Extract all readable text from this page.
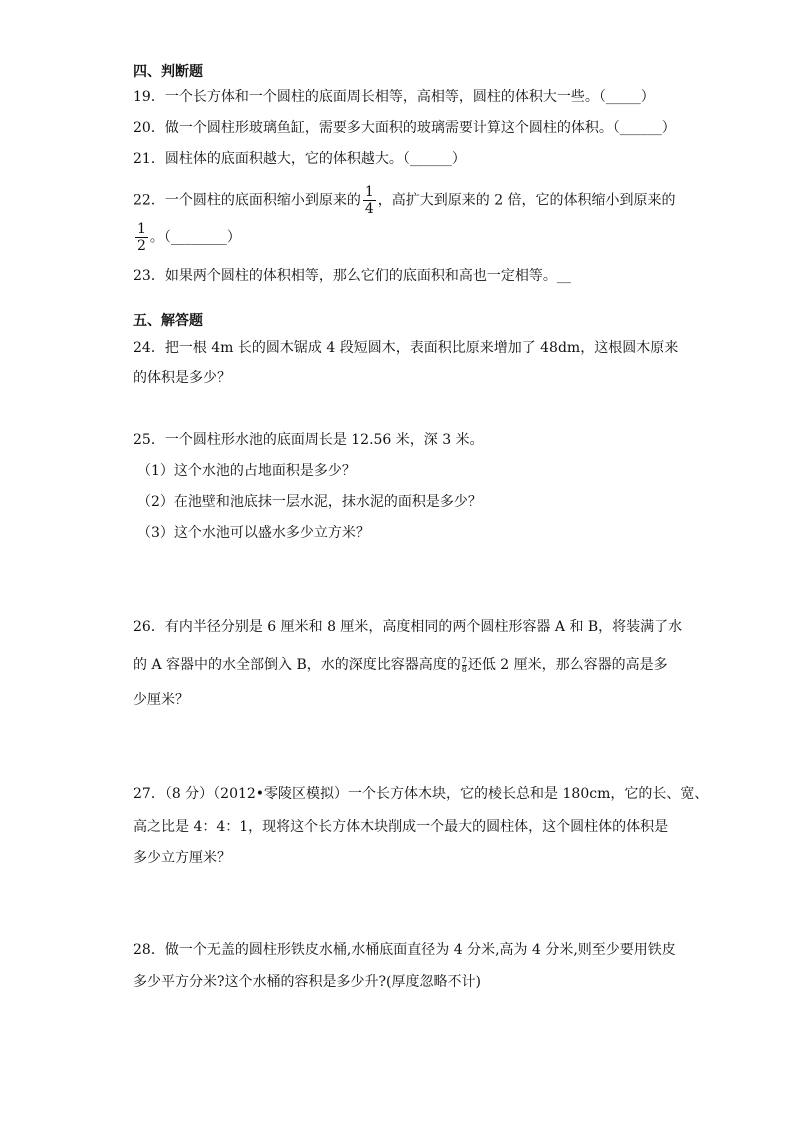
四、判断题
19．一个长方体和一个圆柱的底面周长相等，高相等，圆柱的体积大一些。（_____）
20．做一个圆柱形玻璃鱼缸，需要多大面积的玻璃需要计算这个圆柱的体积。（______）
21．圆柱体的底面积越大，它的体积越大。（______）
22．一个圆柱的底面积缩小到原来的 $\frac{1}{4}$ ，高扩大到原来的 2 倍，它的体积缩小到原来的
$\frac{1}{2}$ 。（________）
23．如果两个圆柱的体积相等，那么它们的底面积和高也一定相等。__
五、解答题
24．把一根 4m 长的圆木锯成 4 段短圆木，表面积比原来增加了 48dm，这根圆木原来
的体积是多少？
25．一个圆柱形水池的底面周长是 12.56 米，深 3 米。
（1）这个水池的占地面积是多少？
（2）在池壁和池底抹一层水泥，抹水泥的面积是多少？
（3）这个水池可以盛水多少立方米？
26．有内半径分别是 6 厘米和 8 厘米，高度相同的两个圆柱形容器 A 和 B，将装满了水
的 A 容器中的水全部倒入 B，水的深度比容器高度的 $\frac{7}{8}$ 还低 2 厘米，那么容器的高是多
少厘米？
27．（8 分）（2012•零陵区模拟）一个长方体木块，它的棱长总和是 180cm，它的长、宽、
高之比是 4：4：1，现将这个长方体木块削成一个最大的圆柱体，这个圆柱体的体积是
多少立方厘米？
28．做一个无盖的圆柱形铁皮水桶,水桶底面直径为 4 分米,高为 4 分米,则至少要用铁皮
多少平方分米?这个水桶的容积是多少升?(厚度忽略不计)
